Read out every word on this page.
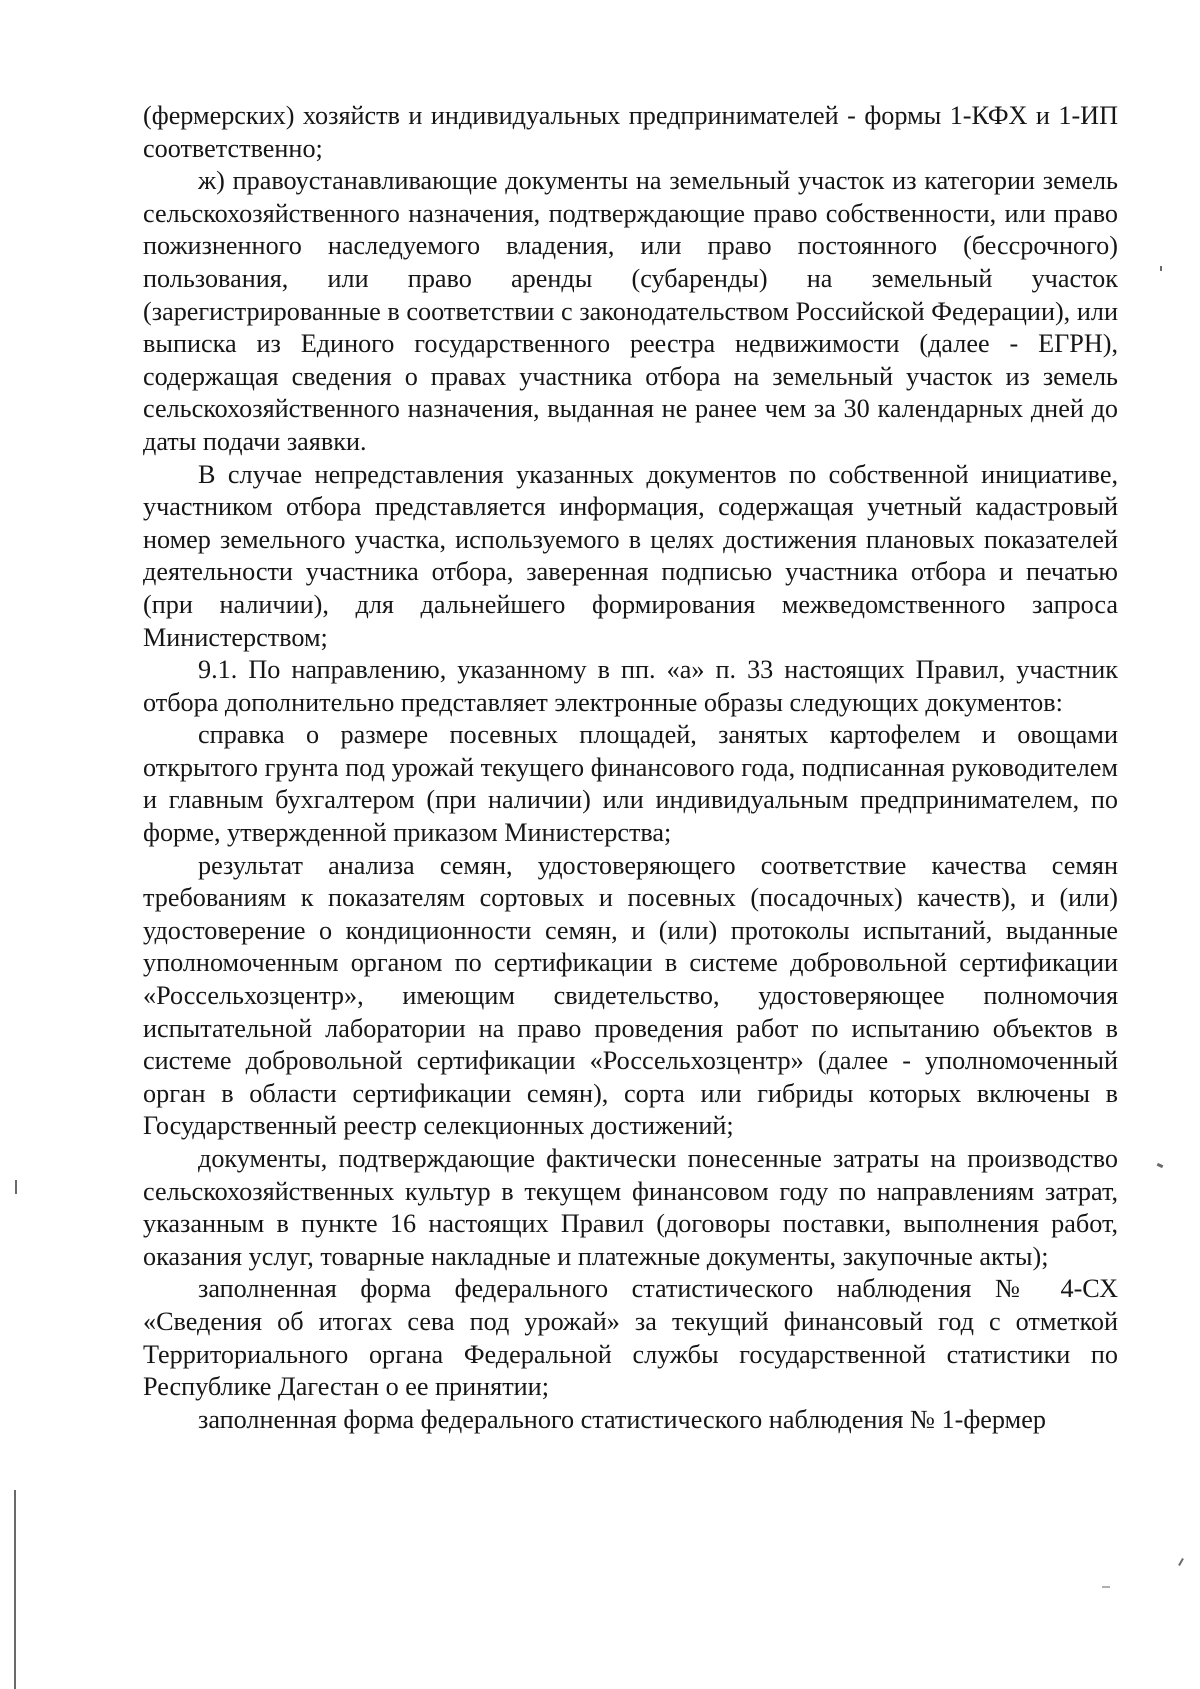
(фермерских) хозяйств и индивидуальных предпринимателей - формы 1-КФХ и 1-ИП соответственно;

ж) правоустанавливающие документы на земельный участок из категории земель сельскохозяйственного назначения, подтверждающие право собственности, или право пожизненного наследуемого владения, или право постоянного (бессрочного) пользования, или право аренды (субаренды) на земельный участок (зарегистрированные в соответствии с законодательством Российской Федерации), или выписка из Единого государственного реестра недвижимости (далее - ЕГРН), содержащая сведения о правах участника отбора на земельный участок из земель сельскохозяйственного назначения, выданная не ранее чем за 30 календарных дней до даты подачи заявки.

В случае непредставления указанных документов по собственной инициативе, участником отбора представляется информация, содержащая учетный кадастровый номер земельного участка, используемого в целях достижения плановых показателей деятельности участника отбора, заверенная подписью участника отбора и печатью (при наличии), для дальнейшего формирования межведомственного запроса Министерством;

9.1. По направлению, указанному в пп. «а» п. 33 настоящих Правил, участник отбора дополнительно представляет электронные образы следующих документов:

справка о размере посевных площадей, занятых картофелем и овощами открытого грунта под урожай текущего финансового года, подписанная руководителем и главным бухгалтером (при наличии) или индивидуальным предпринимателем, по форме, утвержденной приказом Министерства;

результат анализа семян, удостоверяющего соответствие качества семян требованиям к показателям сортовых и посевных (посадочных) качеств), и (или) удостоверение о кондиционности семян, и (или) протоколы испытаний, выданные уполномоченным органом по сертификации в системе добровольной сертификации «Россельхозцентр», имеющим свидетельство, удостоверяющее полномочия испытательной лаборатории на право проведения работ по испытанию объектов в системе добровольной сертификации «Россельхозцентр» (далее - уполномоченный орган в области сертификации семян), сорта или гибриды которых включены в Государственный реестр селекционных достижений;

документы, подтверждающие фактически понесенные затраты на производство сельскохозяйственных культур в текущем финансовом году по направлениям затрат, указанным в пункте 16 настоящих Правил (договоры поставки, выполнения работ, оказания услуг, товарные накладные и платежные документы, закупочные акты);

заполненная форма федерального статистического наблюдения № 4-СХ «Сведения об итогах сева под урожай» за текущий финансовый год с отметкой Территориального органа Федеральной службы государственной статистики по Республике Дагестан о ее принятии;

заполненная форма федерального статистического наблюдения № 1-фермер
